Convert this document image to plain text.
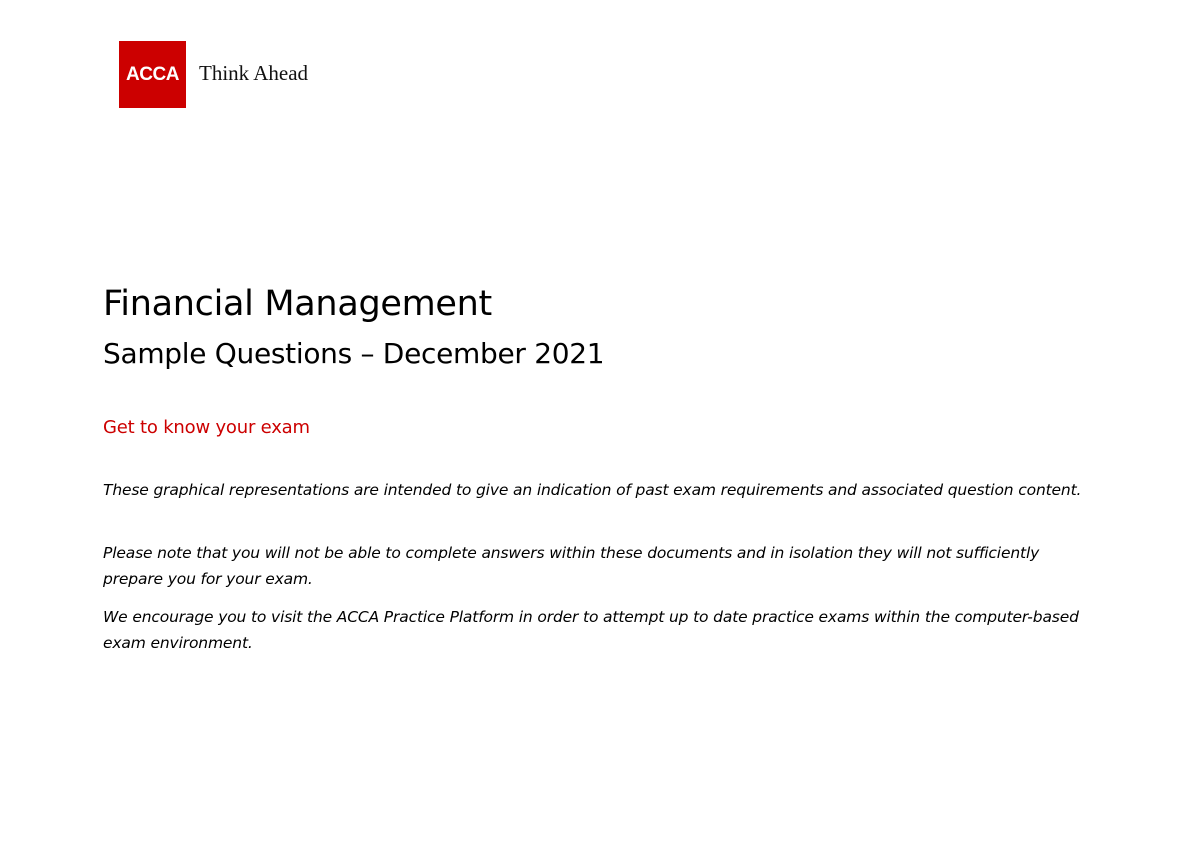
ACCA Think Ahead
Financial Management
Sample Questions – December 2021
Get to know your exam

These graphical representations are intended to give an indication of past exam requirements and associated question content.

Please note that you will not be able to complete answers within these documents and in isolation they will not sufficiently prepare you for your exam.

We encourage you to visit the ACCA Practice Platform in order to attempt up to date practice exams within the computer-based exam environment.
